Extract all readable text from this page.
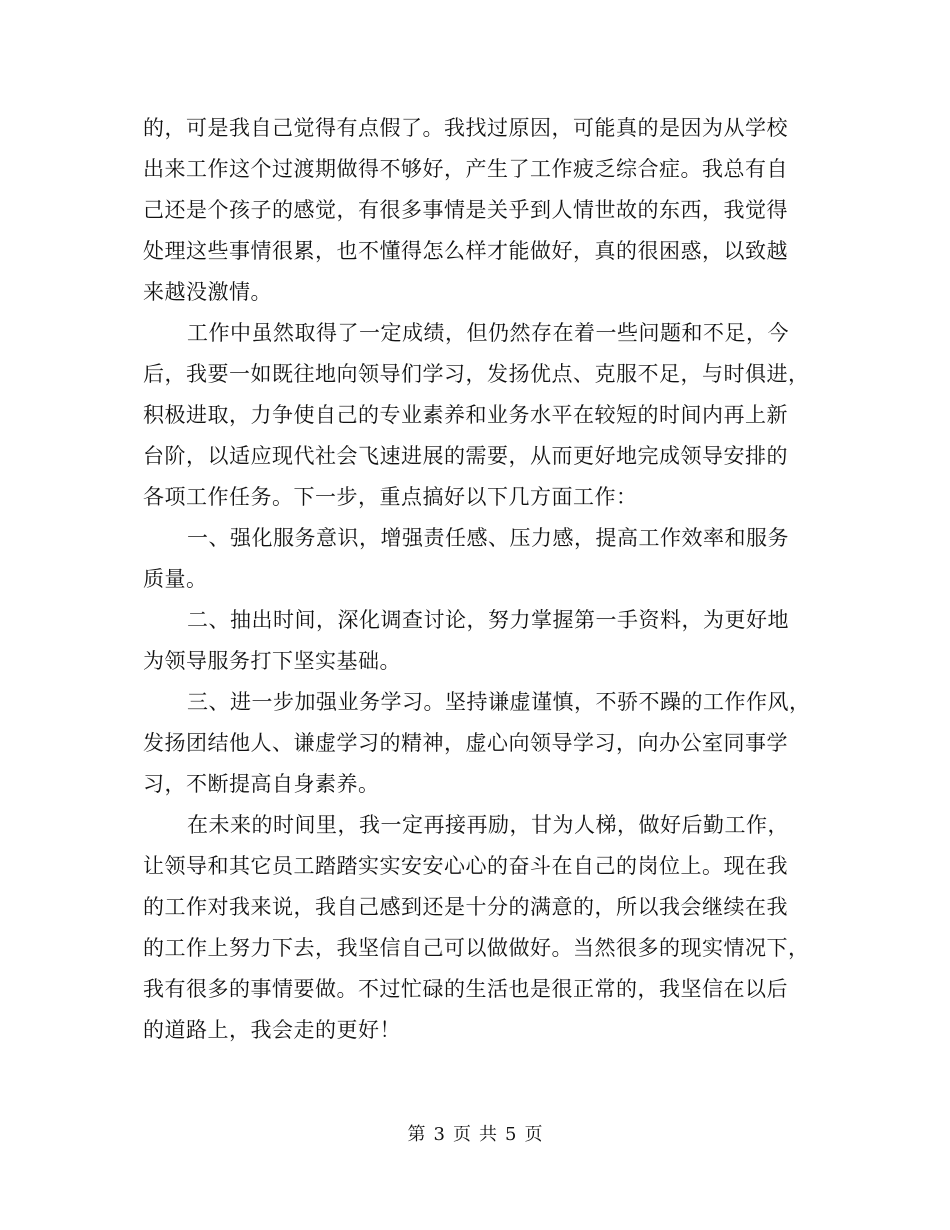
的，可是我自己觉得有点假了。我找过原因，可能真的是因为从学校
出来工作这个过渡期做得不够好，产生了工作疲乏综合症。我总有自
己还是个孩子的感觉，有很多事情是关乎到人情世故的东西，我觉得
处理这些事情很累，也不懂得怎么样才能做好，真的很困惑，以致越
来越没激情。
工作中虽然取得了一定成绩，但仍然存在着一些问题和不足，今
后，我要一如既往地向领导们学习，发扬优点、克服不足，与时俱进，
积极进取，力争使自己的专业素养和业务水平在较短的时间内再上新
台阶，以适应现代社会飞速进展的需要，从而更好地完成领导安排的
各项工作任务。下一步，重点搞好以下几方面工作：
一、强化服务意识，增强责任感、压力感，提高工作效率和服务
质量。
二、抽出时间，深化调查讨论，努力掌握第一手资料，为更好地
为领导服务打下坚实基础。
三、进一步加强业务学习。坚持谦虚谨慎，不骄不躁的工作作风，
发扬团结他人、谦虚学习的精神，虚心向领导学习，向办公室同事学
习，不断提高自身素养。
在未来的时间里，我一定再接再励，甘为人梯，做好后勤工作，
让领导和其它员工踏踏实实安安心心的奋斗在自己的岗位上。现在我
的工作对我来说，我自己感到还是十分的满意的，所以我会继续在我
的工作上努力下去，我坚信自己可以做做好。当然很多的现实情况下，
我有很多的事情要做。不过忙碌的生活也是很正常的，我坚信在以后
的道路上，我会走的更好！
第 3 页 共 5 页
